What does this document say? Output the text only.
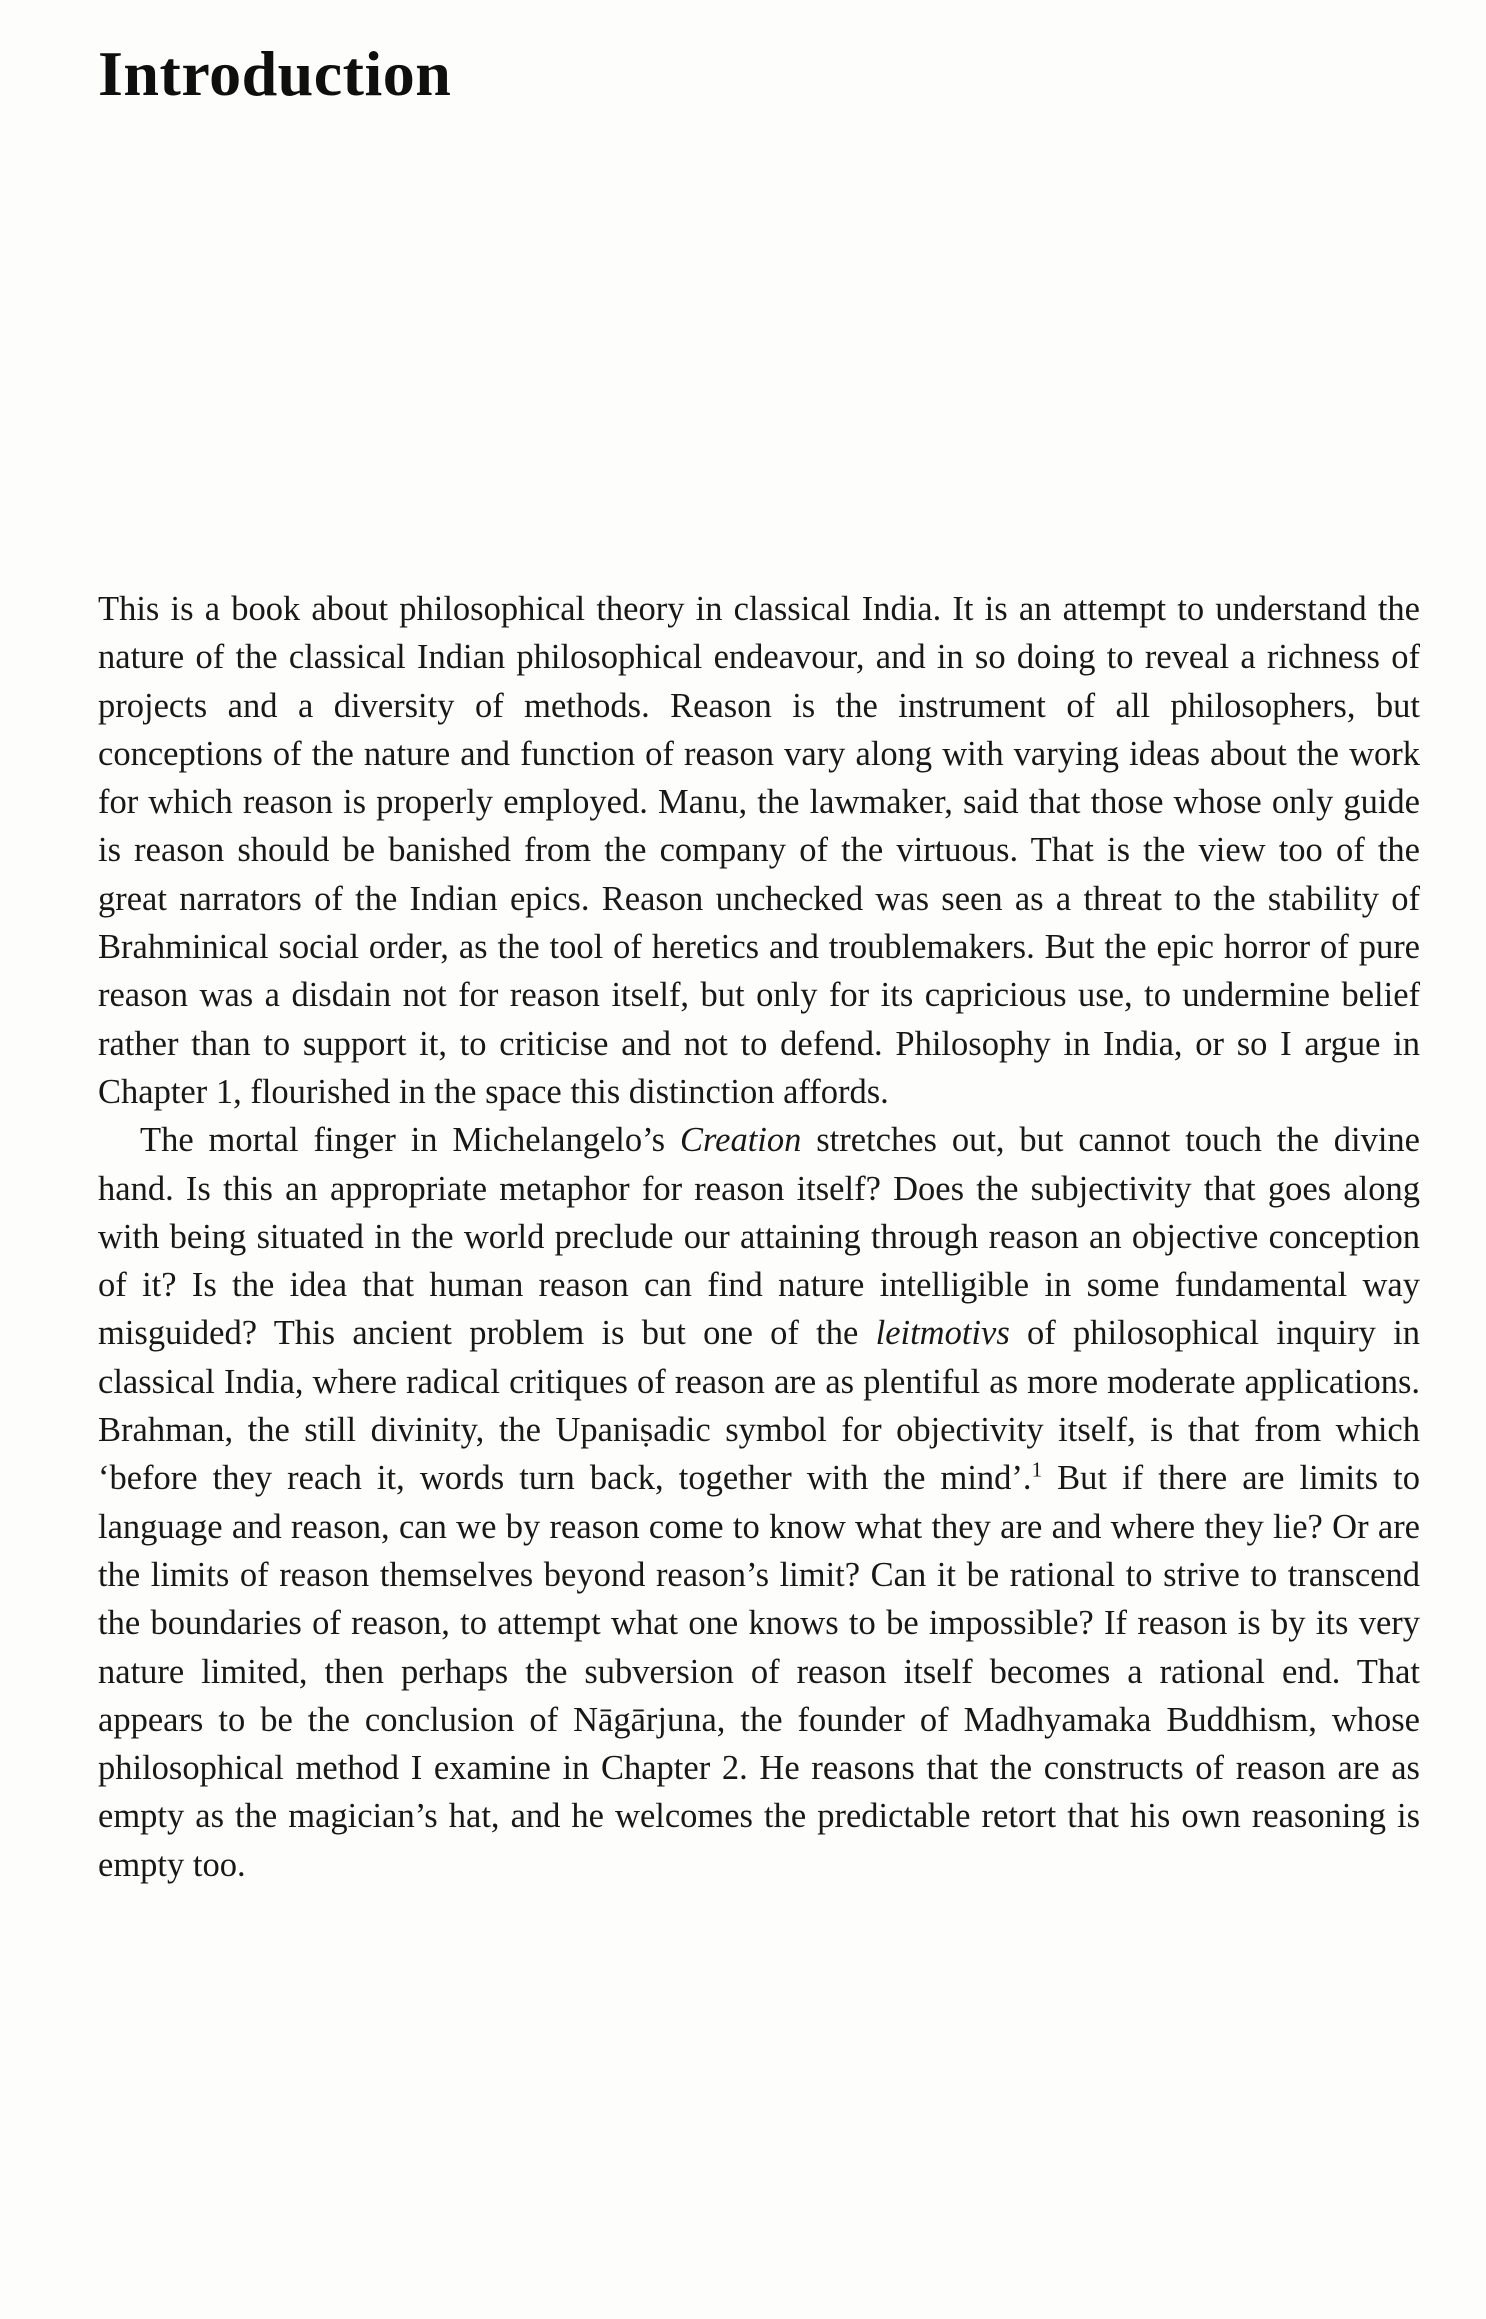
Introduction

This is a book about philosophical theory in classical India. It is an attempt to understand the nature of the classical Indian philosophical endeavour, and in so doing to reveal a richness of projects and a diversity of methods. Reason is the instrument of all philosophers, but conceptions of the nature and function of reason vary along with varying ideas about the work for which reason is properly employed. Manu, the lawmaker, said that those whose only guide is reason should be banished from the company of the virtuous. That is the view too of the great narrators of the Indian epics. Reason unchecked was seen as a threat to the stability of Brahminical social order, as the tool of heretics and troublemakers. But the epic horror of pure reason was a disdain not for reason itself, but only for its capricious use, to undermine belief rather than to support it, to criticise and not to defend. Philosophy in India, or so I argue in Chapter 1, flourished in the space this distinction affords.

The mortal finger in Michelangelo’s Creation stretches out, but cannot touch the divine hand. Is this an appropriate metaphor for reason itself? Does the subjectivity that goes along with being situated in the world preclude our attaining through reason an objective conception of it? Is the idea that human reason can find nature intelligible in some fundamental way misguided? This ancient problem is but one of the leitmotivs of philosophical inquiry in classical India, where radical critiques of reason are as plentiful as more moderate applications. Brahman, the still divinity, the Upaniṣadic symbol for objectivity itself, is that from which ‘before they reach it, words turn back, together with the mind’.$^1$ But if there are limits to language and reason, can we by reason come to know what they are and where they lie? Or are the limits of reason themselves beyond reason’s limit? Can it be rational to strive to transcend the boundaries of reason, to attempt what one knows to be impossible? If reason is by its very nature limited, then perhaps the subversion of reason itself becomes a rational end. That appears to be the conclusion of Nāgārjuna, the founder of Madhyamaka Buddhism, whose philosophical method I examine in Chapter 2. He reasons that the constructs of reason are as empty as the magician’s hat, and he welcomes the predictable retort that his own reasoning is empty too.
